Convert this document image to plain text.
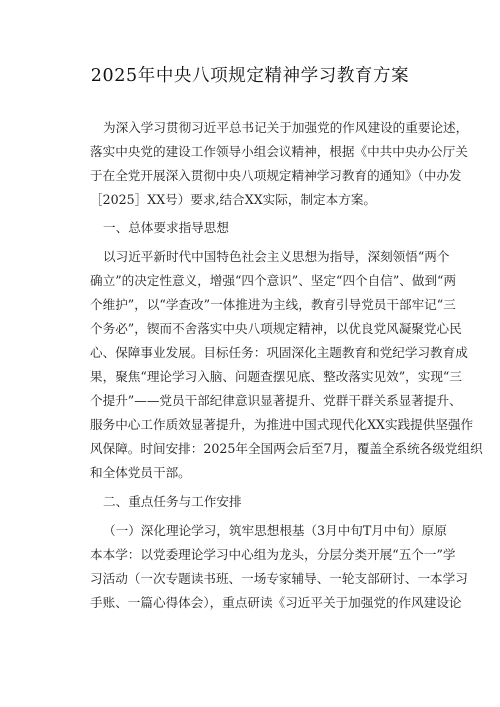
2025年中央八项规定精神学习教育方案
为深入学习贯彻习近平总书记关于加强党的作风建设的重要论述，
落实中央党的建设工作领导小组会议精神，根据《中共中央办公厅关
于在全党开展深入贯彻中央八项规定精神学习教育的通知》（中办发
［2025］XX号）要求,结合XX实际，制定本方案。
一、总体要求指导思想
以习近平新时代中国特色社会主义思想为指导，深刻领悟“两个
确立”的决定性意义，增强“四个意识”、坚定“四个自信”、做到“两
个维护”，以“学查改”一体推进为主线，教育引导党员干部牢记“三
个务必”，锲而不舍落实中央八项规定精神，以优良党风凝聚党心民
心、保障事业发展。目标任务：巩固深化主题教育和党纪学习教育成
果，聚焦“理论学习入脑、问题查摆见底、整改落实见效”，实现“三
个提升”——党员干部纪律意识显著提升、党群干群关系显著提升、
服务中心工作质效显著提升，为推进中国式现代化XX实践提供坚强作
风保障。时间安排：2025年全国两会后至7月，覆盖全系统各级党组织
和全体党员干部。
二、重点任务与工作安排
（一）深化理论学习，筑牢思想根基（3月中旬T月中旬）原原
本本学：以党委理论学习中心组为龙头，分层分类开展“五个一”学
习活动（一次专题读书班、一场专家辅导、一轮支部研讨、一本学习
手账、一篇心得体会），重点研读《习近平关于加强党的作风建设论
